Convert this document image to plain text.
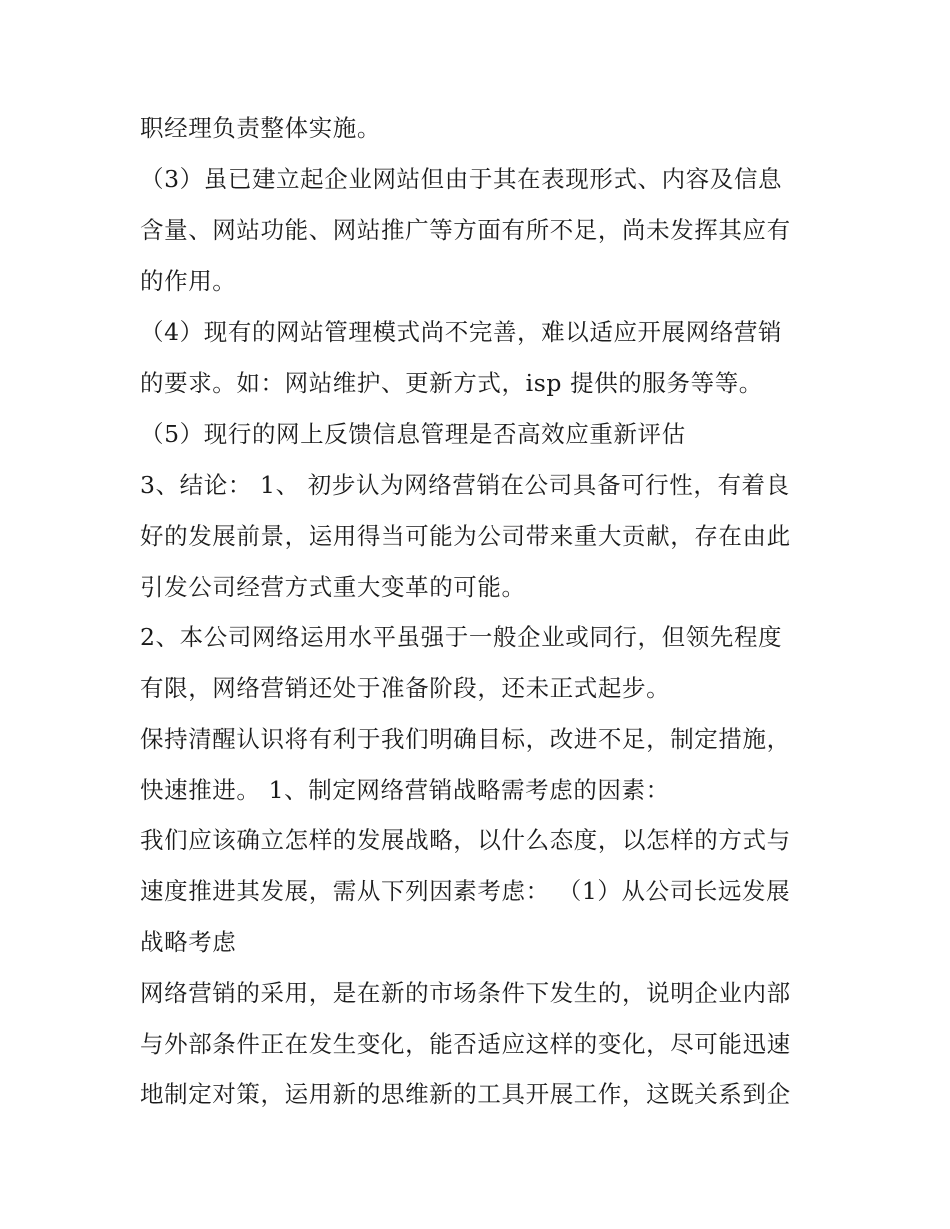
职经理负责整体实施。
（3）虽已建立起企业网站但由于其在表现形式、内容及信息
含量、网站功能、网站推广等方面有所不足，尚未发挥其应有
的作用。
（4）现有的网站管理模式尚不完善，难以适应开展网络营销
的要求。如：网站维护、更新方式，isp 提供的服务等等。
（5）现行的网上反馈信息管理是否高效应重新评估
3、结论： 1、 初步认为网络营销在公司具备可行性，有着良
好的发展前景，运用得当可能为公司带来重大贡献，存在由此
引发公司经营方式重大变革的可能。
2、本公司网络运用水平虽强于一般企业或同行，但领先程度
有限，网络营销还处于准备阶段，还未正式起步。
保持清醒认识将有利于我们明确目标，改进不足，制定措施，
快速推进。 1、制定网络营销战略需考虑的因素：
我们应该确立怎样的发展战略，以什么态度，以怎样的方式与
速度推进其发展，需从下列因素考虑： （1）从公司长远发展
战略考虑
网络营销的采用，是在新的市场条件下发生的，说明企业内部
与外部条件正在发生变化，能否适应这样的变化，尽可能迅速
地制定对策，运用新的思维新的工具开展工作，这既关系到企
